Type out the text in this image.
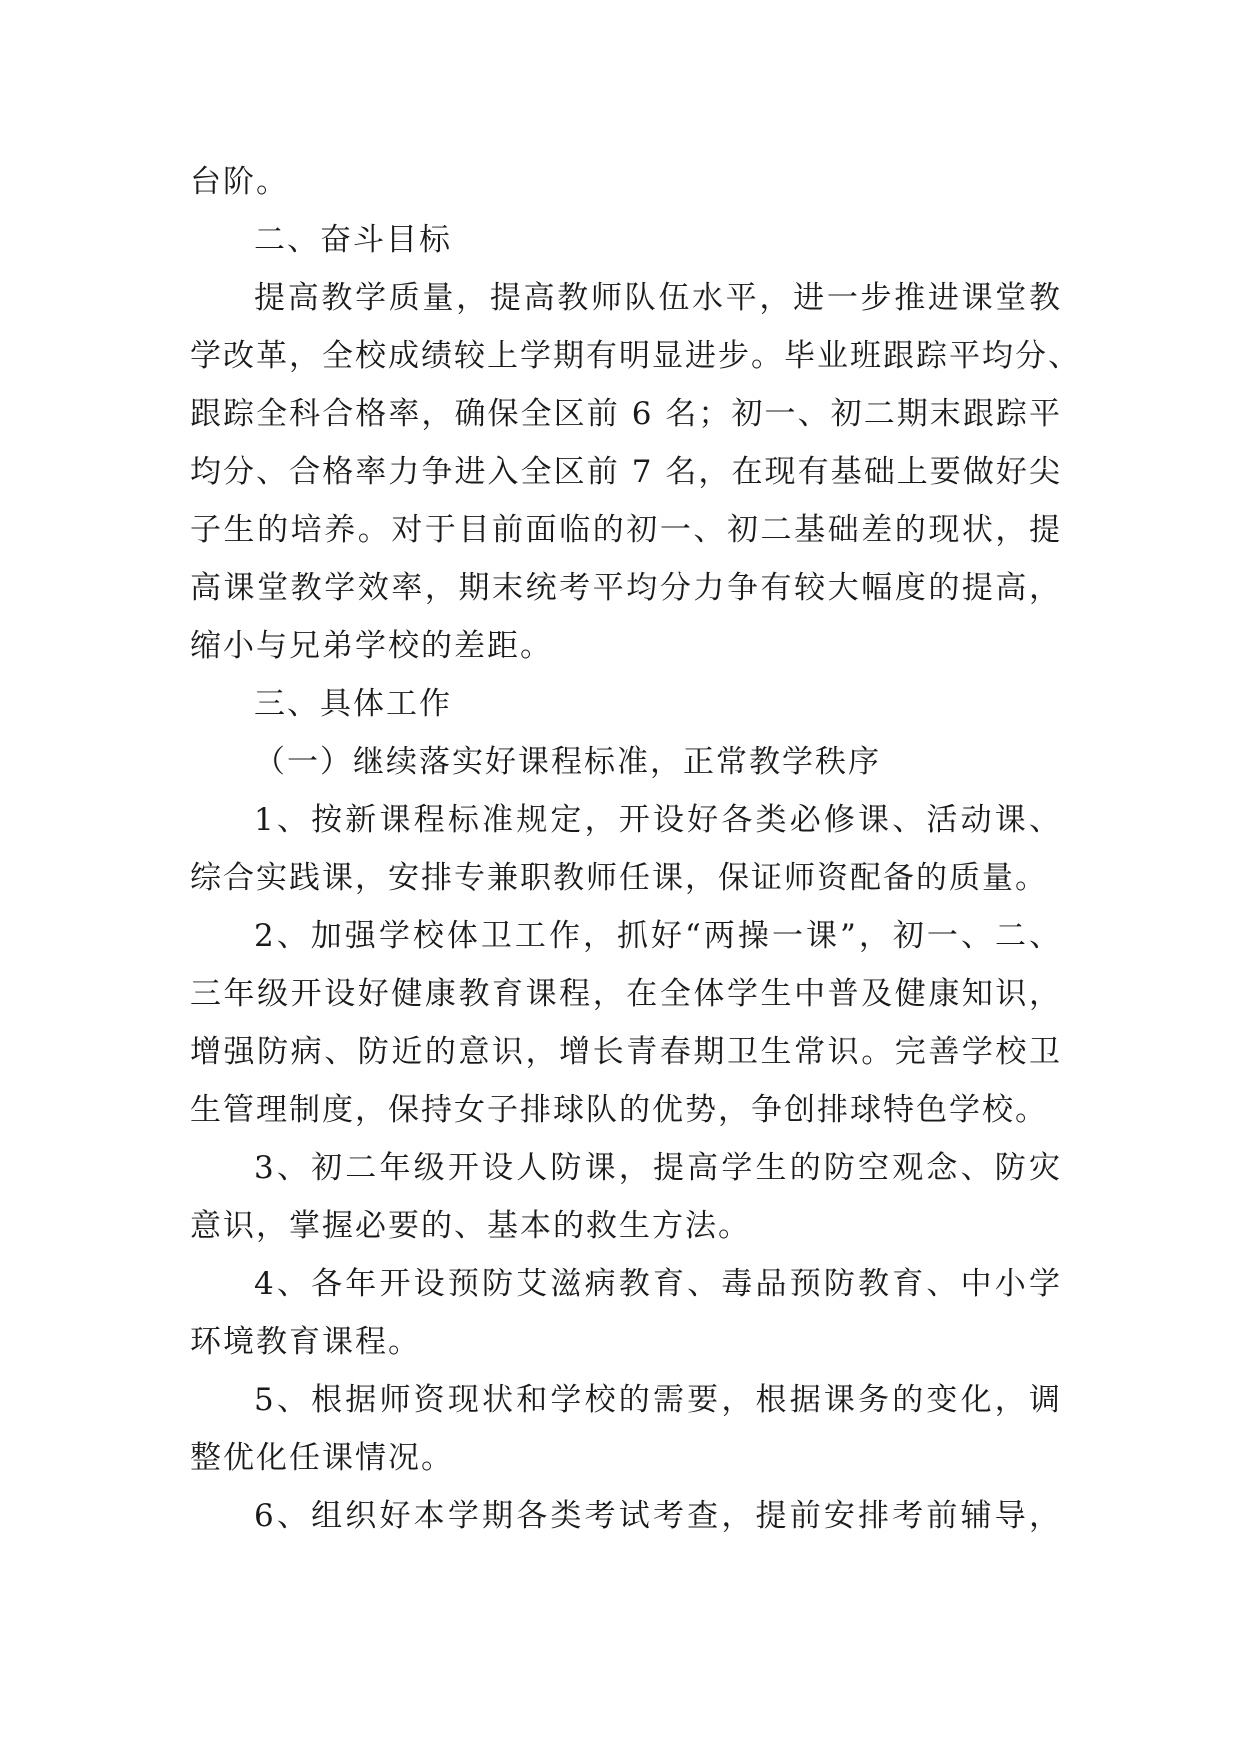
台阶。
二、奋斗目标
提高教学质量，提高教师队伍水平，进一步推进课堂教
学改革，全校成绩较上学期有明显进步。毕业班跟踪平均分、
跟踪全科合格率，确保全区前 6 名；初一、初二期末跟踪平
均分、合格率力争进入全区前 7 名，在现有基础上要做好尖
子生的培养。对于目前面临的初一、初二基础差的现状，提
高课堂教学效率，期末统考平均分力争有较大幅度的提高，
缩小与兄弟学校的差距。
三、具体工作
（一）继续落实好课程标准，正常教学秩序
1、按新课程标准规定，开设好各类必修课、活动课、
综合实践课，安排专兼职教师任课，保证师资配备的质量。
2、加强学校体卫工作，抓好“两操一课”，初一、二、
三年级开设好健康教育课程，在全体学生中普及健康知识，
增强防病、防近的意识，增长青春期卫生常识。完善学校卫
生管理制度，保持女子排球队的优势，争创排球特色学校。
3、初二年级开设人防课，提高学生的防空观念、防灾
意识，掌握必要的、基本的救生方法。
4、各年开设预防艾滋病教育、毒品预防教育、中小学
环境教育课程。
5、根据师资现状和学校的需要，根据课务的变化，调
整优化任课情况。
6、组织好本学期各类考试考查，提前安排考前辅导，
